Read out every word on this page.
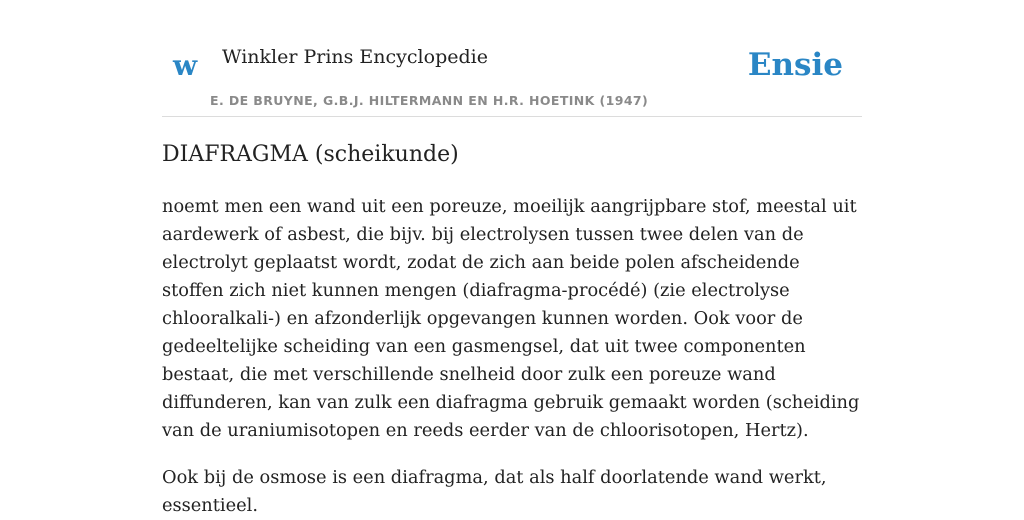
w Winkler Prins Encyclopedie
E. DE BRUYNE, G.B.J. HILTERMANN EN H.R. HOETINK (1947)
Ensie
DIAFRAGMA (scheikunde)

noemt men een wand uit een poreuze, moeilijk aangrijpbare stof, meestal uit aardewerk of asbest, die bijv. bij electrolysen tussen twee delen van de electrolyt geplaatst wordt, zodat de zich aan beide polen afscheidende stoffen zich niet kunnen mengen (diafragma-procédé) (zie electrolyse chlooralkali-) en afzonderlijk opgevangen kunnen worden. Ook voor de gedeeltelijke scheiding van een gasmengsel, dat uit twee componenten bestaat, die met verschillende snelheid door zulk een poreuze wand diffunderen, kan van zulk een diafragma gebruik gemaakt worden (scheiding van de uraniumisotopen en reeds eerder van de chloorisotopen, Hertz).

Ook bij de osmose is een diafragma, dat als half doorlatende wand werkt, essentieel.
